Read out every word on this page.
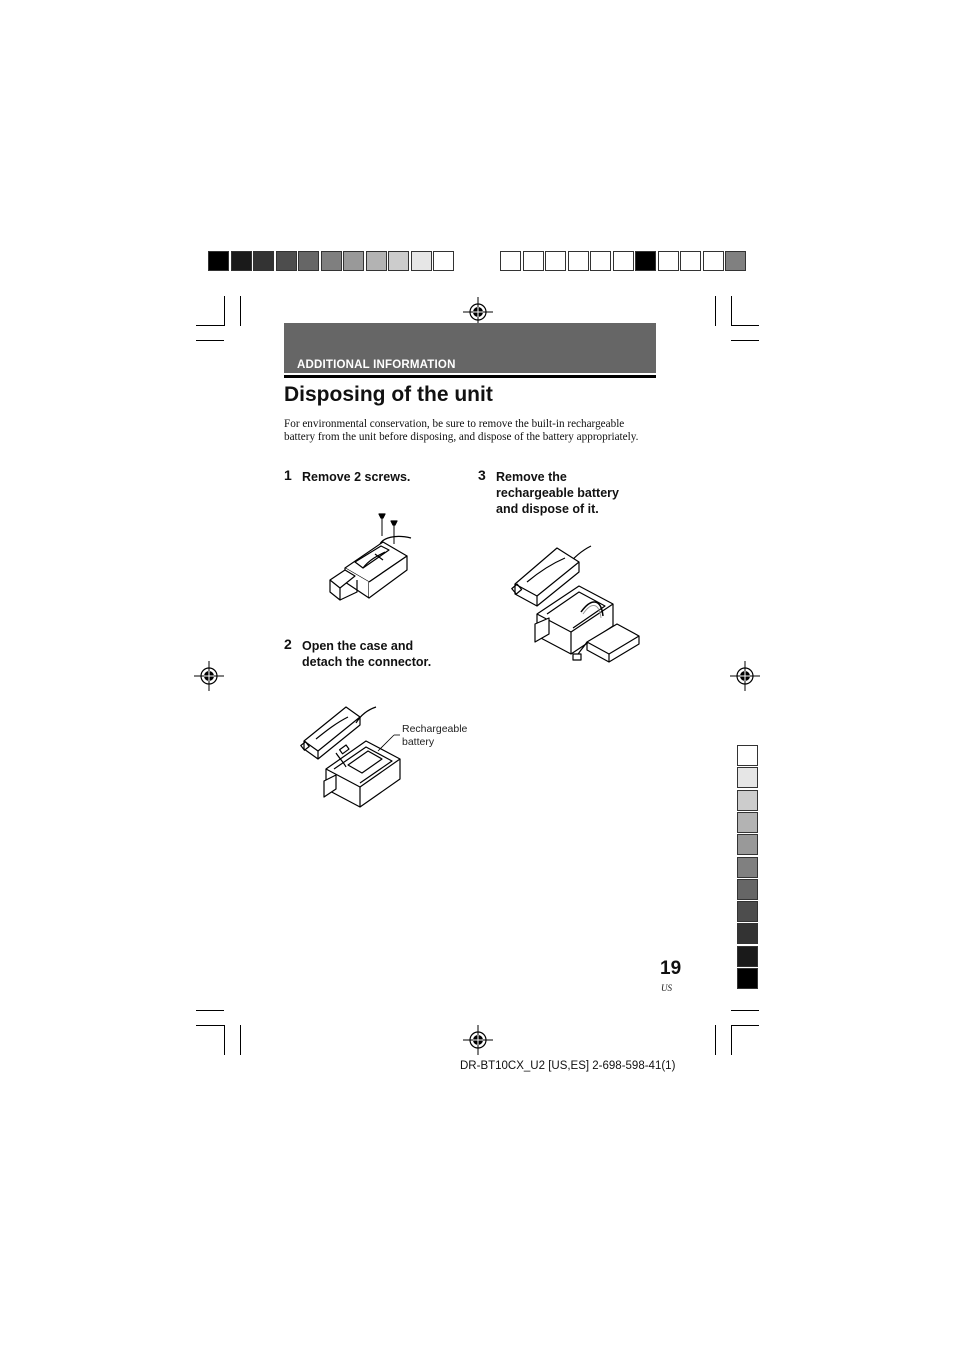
ADDITIONAL INFORMATION
Disposing of the unit

For environmental conservation, be sure to remove the built-in rechargeable battery from the unit before disposing, and dispose of the battery appropriately.

1 Remove 2 screws.
2 Open the case and detach the connector.
3 Remove the rechargeable battery and dispose of it.
Rechargeable
battery
19
US
DR-BT10CX_U2 [US,ES] 2-698-598-41(1)
